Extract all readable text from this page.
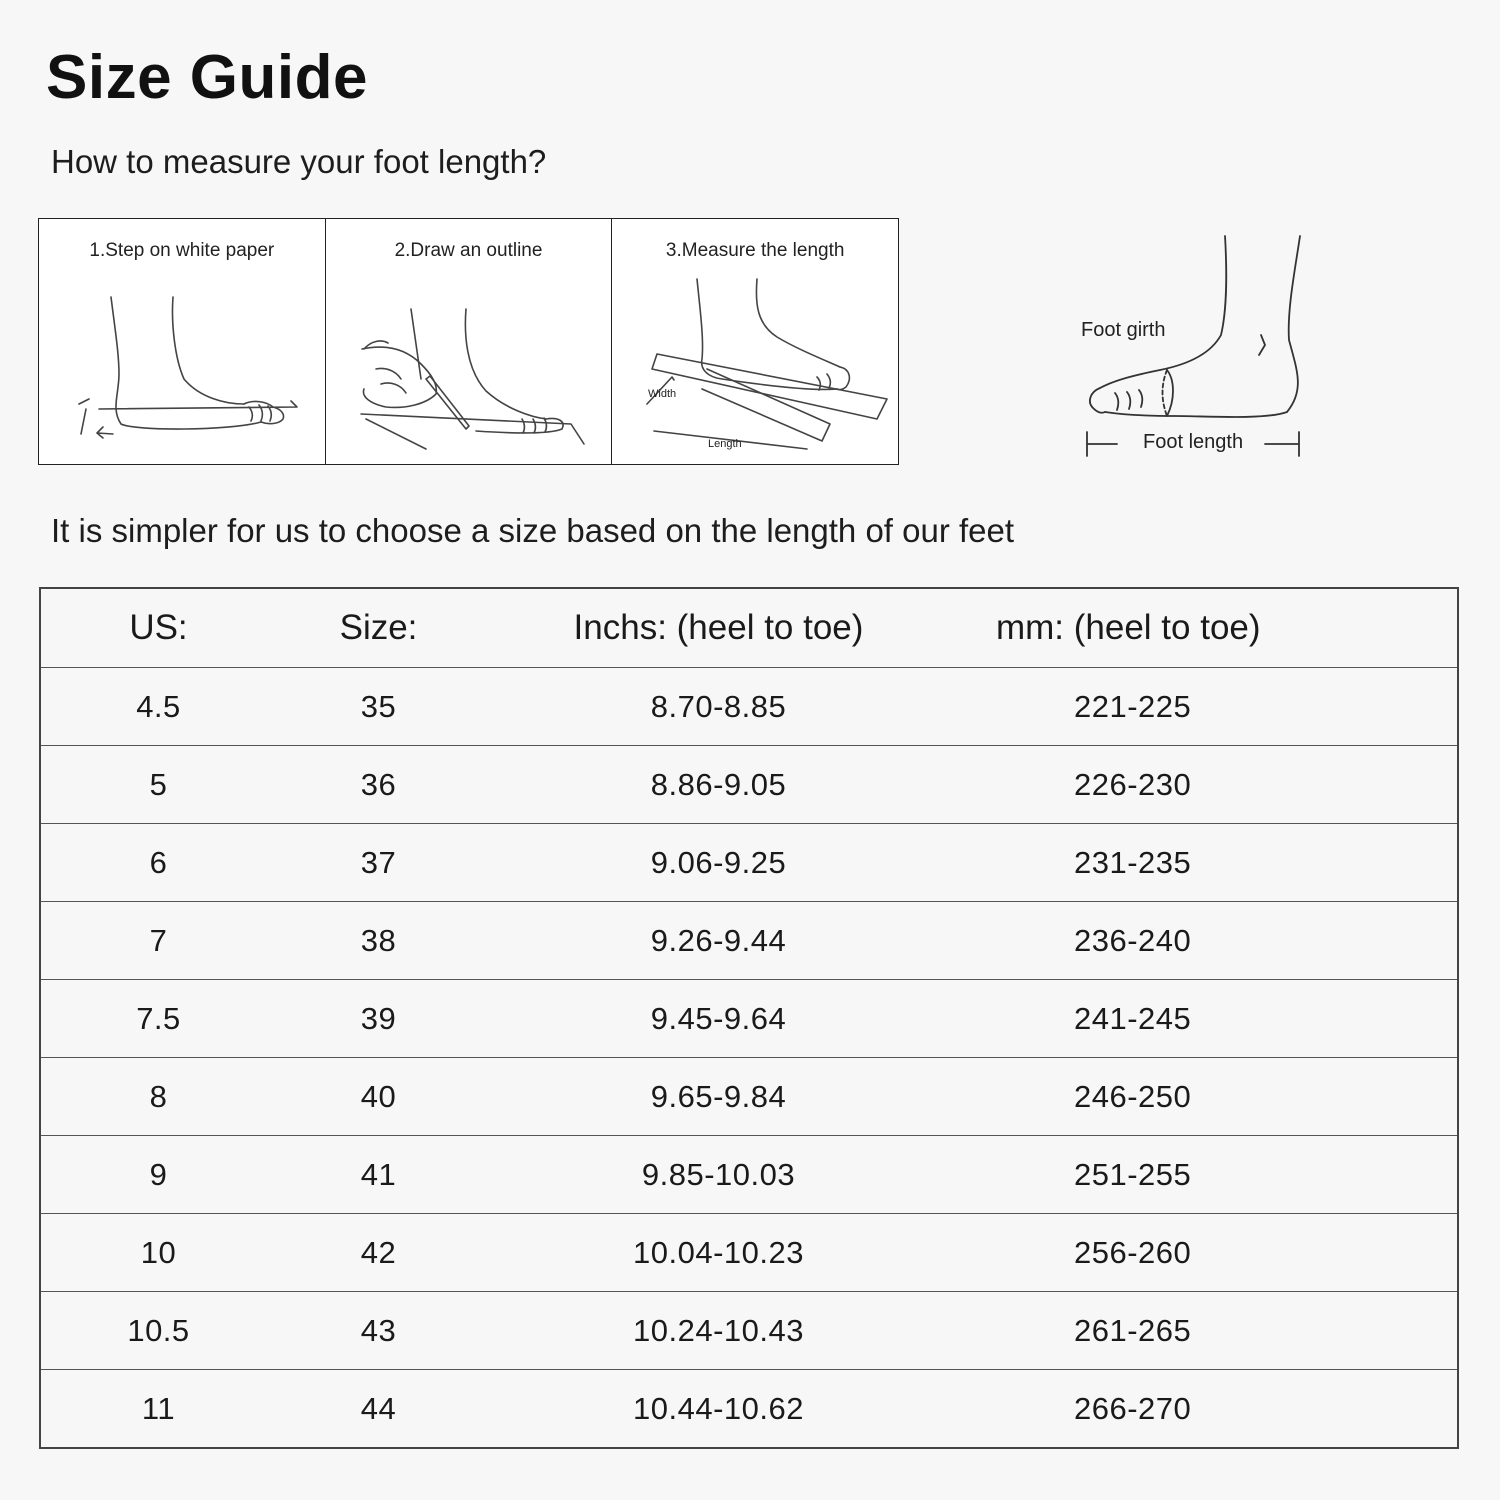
Size Guide
How to measure your foot length?
1.Step on white paper	2.Draw an outline	3.Measure the length
Width
Length
Foot girth
Foot length
It is simpler for us to choose a size based on the length of our feet
US:	Size:	Inchs: (heel to toe)	mm: (heel to toe)
4.5	35	8.70-8.85	221-225
5	36	8.86-9.05	226-230
6	37	9.06-9.25	231-235
7	38	9.26-9.44	236-240
7.5	39	9.45-9.64	241-245
8	40	9.65-9.84	246-250
9	41	9.85-10.03	251-255
10	42	10.04-10.23	256-260
10.5	43	10.24-10.43	261-265
11	44	10.44-10.62	266-270
